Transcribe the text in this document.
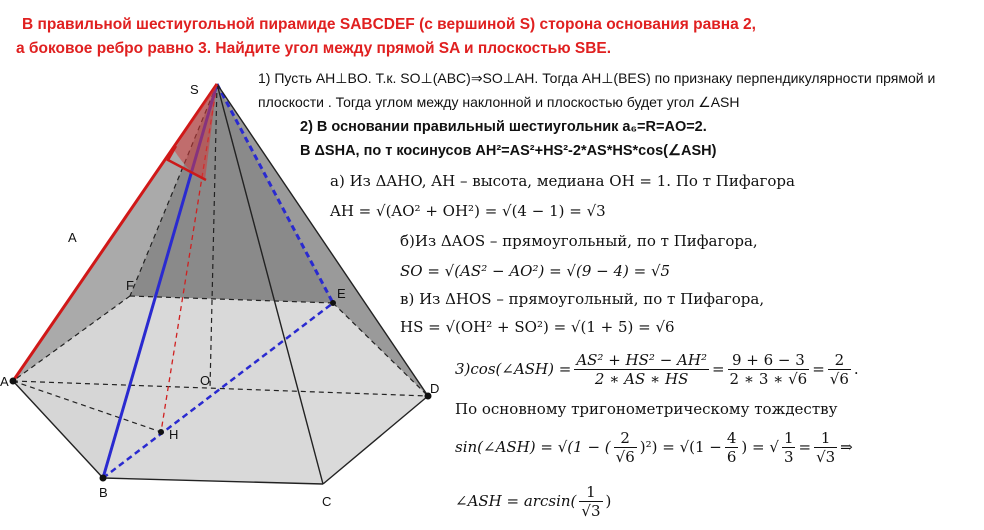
В правильной шестиугольной пирамиде SABCDEF (с вершиной S) сторона основания равна 2,
а боковое ребро равно 3. Найдите угол между прямой SA и плоскостью SBE.
S
A
F
E
A	O
D
H
B
C
1) Пусть AH⊥BO. Т.к. SO⊥(ABC)⇒SO⊥AH. Тогда AH⊥(BES) по признаку перпендикулярности прямой и
плоскости . Тогда углом между наклонной и плоскостью будет угол ∠ASH
2) В основании правильный шестиугольник a₆=R=AO=2.
В ΔSHA, по т косинусов AH²=AS²+HS²-2*AS*HS*cos(∠ASH)
а) Из ΔAHO, AH – высота, медиана OH = 1. По т Пифагора
AH = √(AO² + OH²) = √(4 − 1) = √3
б)Из ΔAOS – прямоугольный, по т Пифагора,
SO = √(AS² − AO²) = √(9 − 4) = √5
в) Из ΔHOS – прямоугольный, по т Пифагора,
HS = √(OH² + SO²) = √(1 + 5) = √6
3)cos(∠ASH) = $\frac{\text{AS² + HS² − AH²}}{2 ∗ AS ∗ HS} = \frac{9 + 6 - 3}{2 ∗ 3 ∗ √6} = \frac{2}{√6}$ .
По основному тригонометрическому тождеству
sin(∠ASH) = √(1 − ( $\frac{2}{√6} )^2) = √(1 - \frac{4}{6}$ ) = √ $\frac{1}{3} = \frac{1}{√3}$ ⇒
∠ASH = $\arcsin( \frac{1}{√3}$ )
